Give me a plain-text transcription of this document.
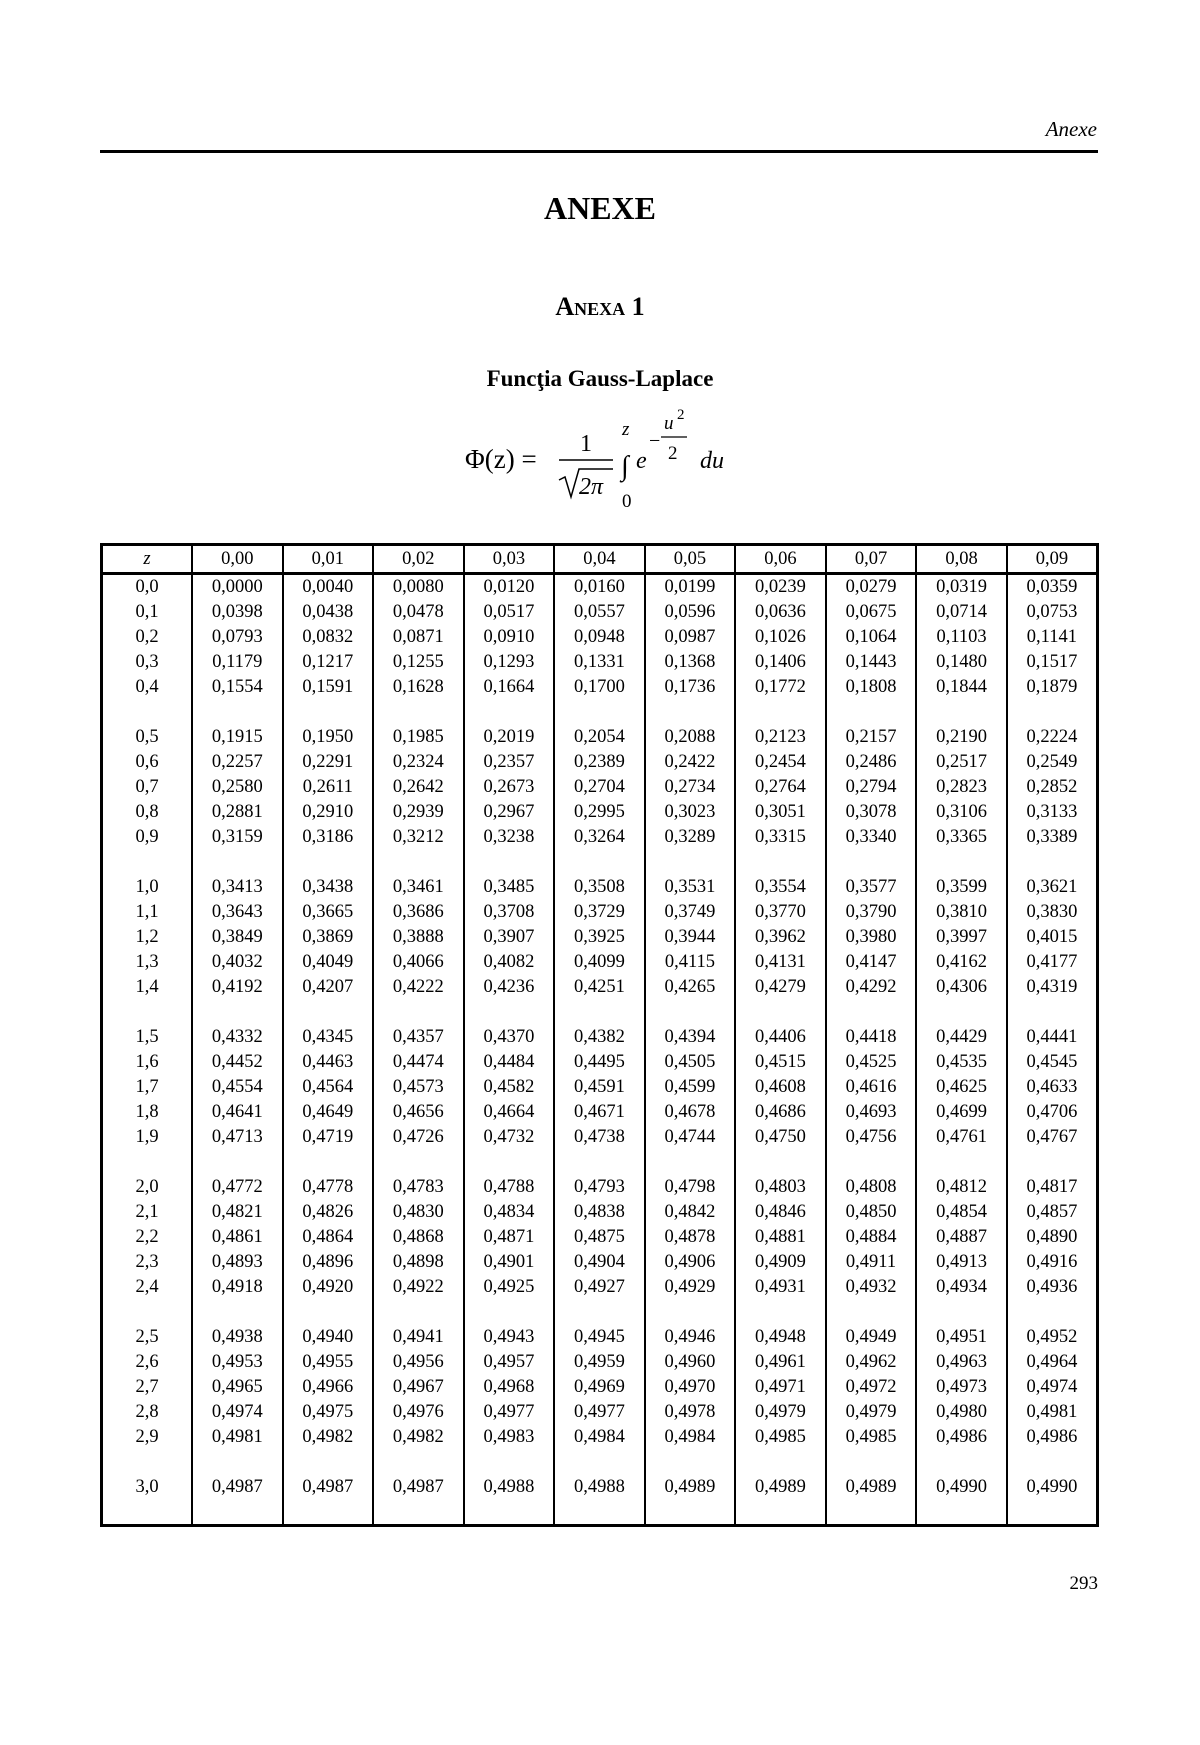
Anexe
ANEXE
Anexa 1
Funcţia Gauss-Laplace
Φ(z) = 1
2π
∫
z
0
e
−
u 2
2 du
z	0,00	0,01	0,02	0,03	0,04	0,05	0,06	0,07	0,08	0,09
0,0	0,0000	0,0040	0,0080	0,0120	0,0160	0,0199	0,0239	0,0279	0,0319	0,0359
0,1	0,0398	0,0438	0,0478	0,0517	0,0557	0,0596	0,0636	0,0675	0,0714	0,0753
0,2	0,0793	0,0832	0,0871	0,0910	0,0948	0,0987	0,1026	0,1064	0,1103	0,1141
0,3	0,1179	0,1217	0,1255	0,1293	0,1331	0,1368	0,1406	0,1443	0,1480	0,1517
0,4	0,1554	0,1591	0,1628	0,1664	0,1700	0,1736	0,1772	0,1808	0,1844	0,1879
0,5	0,1915	0,1950	0,1985	0,2019	0,2054	0,2088	0,2123	0,2157	0,2190	0,2224
0,6	0,2257	0,2291	0,2324	0,2357	0,2389	0,2422	0,2454	0,2486	0,2517	0,2549
0,7	0,2580	0,2611	0,2642	0,2673	0,2704	0,2734	0,2764	0,2794	0,2823	0,2852
0,8	0,2881	0,2910	0,2939	0,2967	0,2995	0,3023	0,3051	0,3078	0,3106	0,3133
0,9	0,3159	0,3186	0,3212	0,3238	0,3264	0,3289	0,3315	0,3340	0,3365	0,3389
1,0	0,3413	0,3438	0,3461	0,3485	0,3508	0,3531	0,3554	0,3577	0,3599	0,3621
1,1	0,3643	0,3665	0,3686	0,3708	0,3729	0,3749	0,3770	0,3790	0,3810	0,3830
1,2	0,3849	0,3869	0,3888	0,3907	0,3925	0,3944	0,3962	0,3980	0,3997	0,4015
1,3	0,4032	0,4049	0,4066	0,4082	0,4099	0,4115	0,4131	0,4147	0,4162	0,4177
1,4	0,4192	0,4207	0,4222	0,4236	0,4251	0,4265	0,4279	0,4292	0,4306	0,4319
1,5	0,4332	0,4345	0,4357	0,4370	0,4382	0,4394	0,4406	0,4418	0,4429	0,4441
1,6	0,4452	0,4463	0,4474	0,4484	0,4495	0,4505	0,4515	0,4525	0,4535	0,4545
1,7	0,4554	0,4564	0,4573	0,4582	0,4591	0,4599	0,4608	0,4616	0,4625	0,4633
1,8	0,4641	0,4649	0,4656	0,4664	0,4671	0,4678	0,4686	0,4693	0,4699	0,4706
1,9	0,4713	0,4719	0,4726	0,4732	0,4738	0,4744	0,4750	0,4756	0,4761	0,4767
2,0	0,4772	0,4778	0,4783	0,4788	0,4793	0,4798	0,4803	0,4808	0,4812	0,4817
2,1	0,4821	0,4826	0,4830	0,4834	0,4838	0,4842	0,4846	0,4850	0,4854	0,4857
2,2	0,4861	0,4864	0,4868	0,4871	0,4875	0,4878	0,4881	0,4884	0,4887	0,4890
2,3	0,4893	0,4896	0,4898	0,4901	0,4904	0,4906	0,4909	0,4911	0,4913	0,4916
2,4	0,4918	0,4920	0,4922	0,4925	0,4927	0,4929	0,4931	0,4932	0,4934	0,4936
2,5	0,4938	0,4940	0,4941	0,4943	0,4945	0,4946	0,4948	0,4949	0,4951	0,4952
2,6	0,4953	0,4955	0,4956	0,4957	0,4959	0,4960	0,4961	0,4962	0,4963	0,4964
2,7	0,4965	0,4966	0,4967	0,4968	0,4969	0,4970	0,4971	0,4972	0,4973	0,4974
2,8	0,4974	0,4975	0,4976	0,4977	0,4977	0,4978	0,4979	0,4979	0,4980	0,4981
2,9	0,4981	0,4982	0,4982	0,4983	0,4984	0,4984	0,4985	0,4985	0,4986	0,4986
3,0	0,4987	0,4987	0,4987	0,4988	0,4988	0,4989	0,4989	0,4989	0,4990	0,4990

293
